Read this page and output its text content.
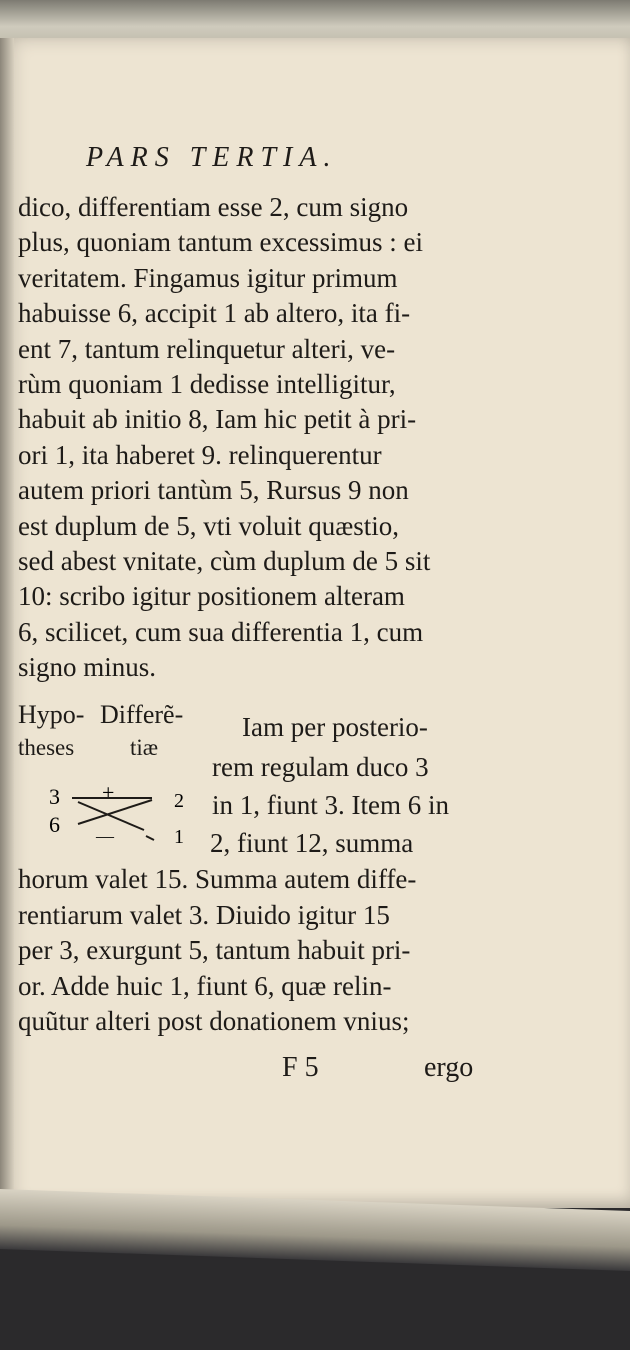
PARS TERTIA.
dico, differentiam esse 2, cum signo
plus, quoniam tantum excessimus : ei
veritatem. Fingamus igitur primum
habuisse 6, accipit 1 ab altero, ita fi-
ent 7, tantum relinquetur alteri, ve-
rùm quoniam 1 dedisse intelligitur,
habuit ab initio 8, Iam hic petit à pri-
ori 1, ita haberet 9. relinquerentur
autem priori tantùm 5, Rursus 9 non
est duplum de 5, vti voluit quæstio,
sed abest vnitate, cùm duplum de 5 sit
10: scribo igitur positionem alteram
6, scilicet, cum sua differentia 1, cum
signo minus.
Hypo-
theses
Differẽ-
tiæ
Iam per posterio-
rem regulam duco 3
in 1, fiunt 3. Item 6 in
2, fiunt 12, summa
3
6
2
1
+
—
horum valet 15. Summa autem diffe-
rentiarum valet 3. Diuido igitur 15
per 3, exurgunt 5, tantum habuit pri-
or. Adde huic 1, fiunt 6, quæ relin-
quũtur alteri post donationem vnius;
F 5	ergo
